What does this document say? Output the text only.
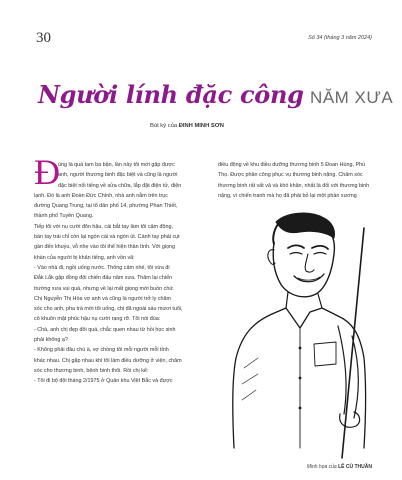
30	Số 34 (tháng 3 năm 2024)
Người lính đặc công NĂM XƯA
Bút ký của ĐINH MINH SƠN
Đ

úng là quá tam ba bận, lần này tôi mới gặp được

anh, người thương binh đặc biệt và cũng là người

đặc biệt nổi tiếng về sửa chữa, lắp đặt điện tử, điện

lạnh. Đó là anh Đoàn Đức Chính, nhà anh nằm trên trục

đường Quang Trung, tại tổ dân phố 14, phường Phan Thiết,

thành phố Tuyên Quang.

Tiếp tôi với nụ cười đôn hậu, cái bắt tay làm tôi cảm động,

bàn tay trái chỉ còn lại ngón cái và ngón út. Cánh tay phải cụt

gần đến khuỷu, vỗ nhẹ vào tôi thể hiện thân tình. Với giọng

khàn của người bị khản tiếng, anh vồn vã:

- Vào nhà đi, ngồi uống nước. Thông cảm nhé, tôi vừa đi

Đắk Lắk gặp đồng đội chiến đấu năm xưa. Thăm lại chiến

trường xưa vui quá, nhưng về lại mất giọng mới buồn chứ.

Chị Nguyễn Thị Hòa vợ anh và cũng là người trở ly chăm

sóc cho anh, pha trà mời tôi uống, chị đã ngoài sáu mươi tuổi,

cô khuôn mặt phúc hậu nụ cười rạng rỡ. Tôi nói đùa:

- Chà, anh chị đẹp đôi quá, chắc quen nhau từ hồi học sinh

phải không ạ?

- Không phải đâu chú à, vợ chồng tôi mỗi người mỗi tỉnh

khác nhau. Chị gặp nhau khi tôi làm điều dưỡng ở viện, chăm

sóc cho thương binh, bệnh binh thôi. Rồi chị kể:

- Tôi đi bộ đội tháng 2/1975 ở Quân khu Việt Bắc và được

điều động về khu điều dưỡng thương binh 5 Đoan Hùng, Phú

Thọ. Được phân công phục vụ thương binh nặng. Chăm sóc

thương binh rất vất vả và khó khăn, nhất là đối với thương binh

nặng, vì chiến tranh mà họ đã phải bỏ lại một phần xương

Minh họa của LÊ CÙ THUẦN
